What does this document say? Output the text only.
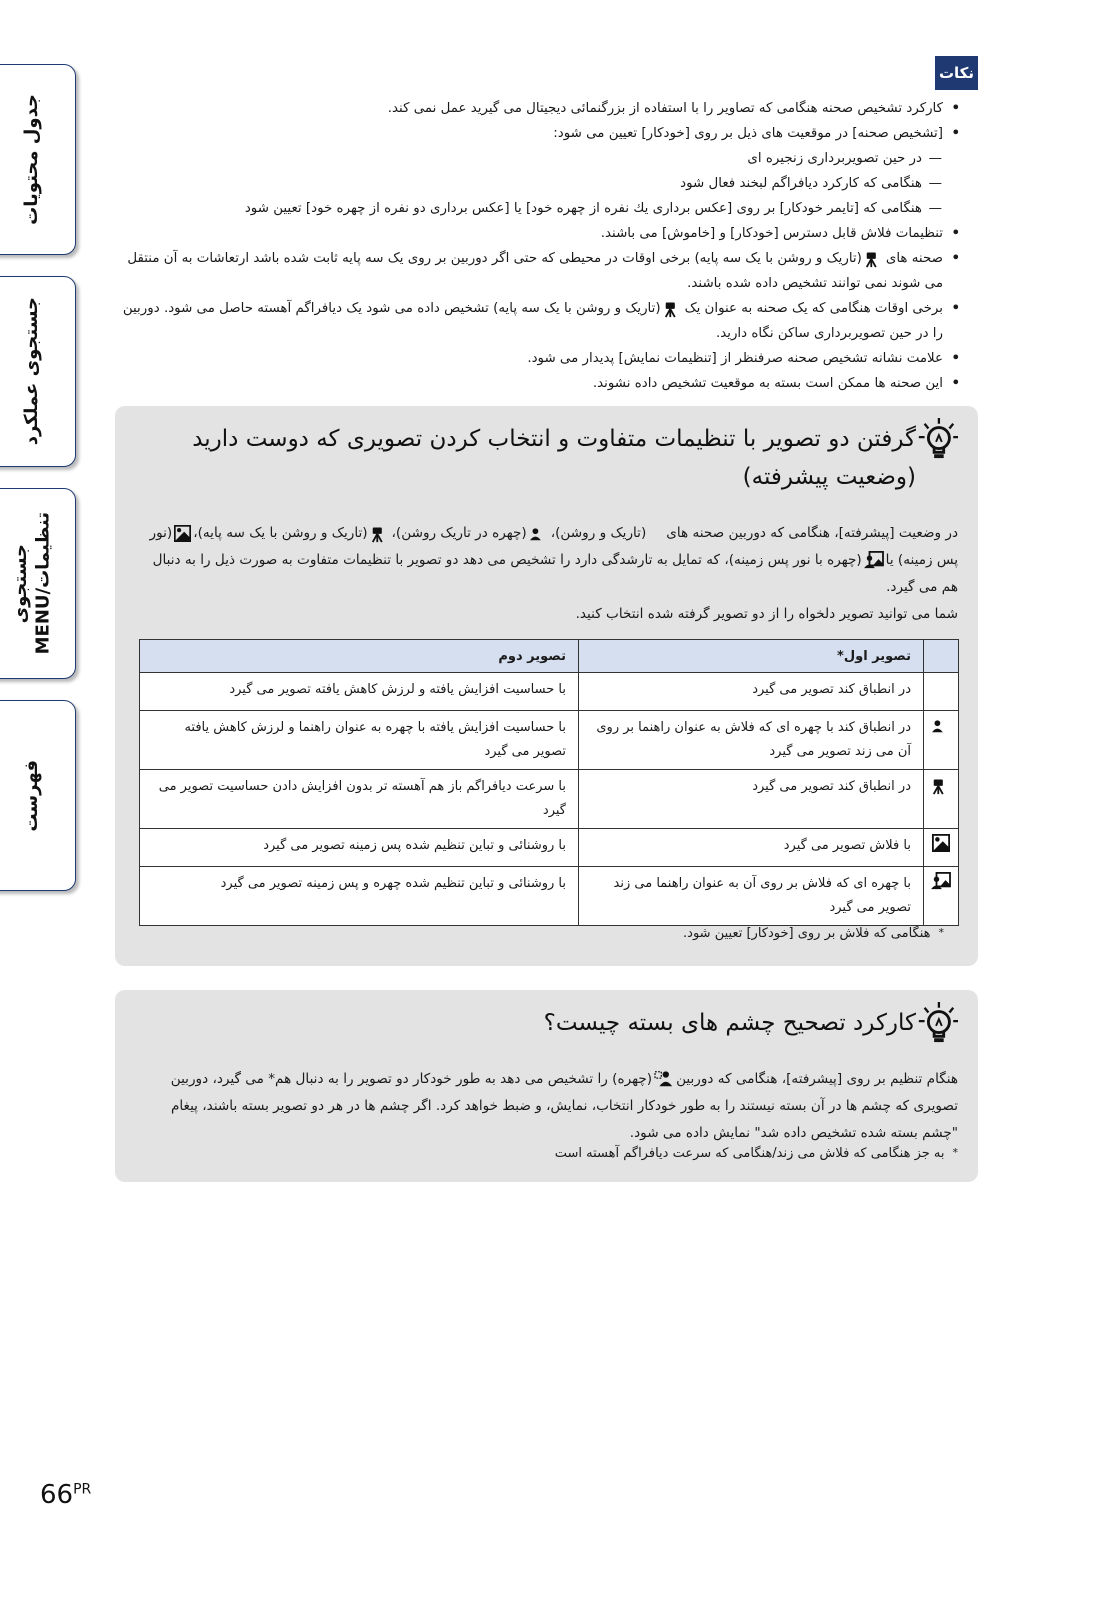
جدول محتویات
جستجوی عملکرد
جستجوی
MENU/تنظیمات
فهرست
نکات
•
کارکرد تشخیص صحنه هنگامی که تصاویر را با استفاده از بزرگنمائی دیجیتال می گیرید عمل نمی کند.
•
[تشخیص صحنه] در موقعیت های ذیل بر روی [خودکار] تعیین می شود:
—
در حین تصویربرداری زنجیره ای
—
هنگامی که کارکرد دیافراگم لبخند فعال شود
—
هنگامی که [تایمر خودکار] بر روی [عکس برداری یك نفره از چهره خود] یا [عکس برداری دو نفره از چهره خود] تعیین شود
•
تنظیمات فلاش قابل دسترس [خودکار] و [خاموش] می باشند.
•
صحنه های(تاریک و روشن با یک سه پایه) برخی اوقات در محیطی که حتی اگر دوربین بر روی یک سه پایه ثابت شده باشد ارتعاشات به آن منتقل می شوند نمی توانند تشخیص داده شده باشند.
•
برخی اوقات هنگامی که یک صحنه به عنوان یک(تاریک و روشن با یک سه پایه) تشخیص داده می شود یک دیافراگم آهسته حاصل می شود. دوربین را در حین تصویربرداری ساکن نگاه دارید.
•
علامت نشانه تشخیص صحنه صرفنظر از [تنظیمات نمایش] پدیدار می شود.
•
این صحنه ها ممکن است بسته به موقعیت تشخیص داده نشوند.
گرفتن دو تصویر با تنظیمات متفاوت و انتخاب کردن تصویری که دوست دارید (وضعیت پیشرفته)
در وضعیت [پیشرفته]، هنگامی که دوربین صحنه های(تاریک و روشن)،(چهره در تاریک روشن)،(تاریک و روشن با یک سه پایه)،(نور پس زمینه) یا(چهره با نور پس زمینه)، که تمایل به تارشدگی دارد را تشخیص می دهد دو تصویر با تنظیمات متفاوت به صورت ذیل را به دنبال هم می گیرد.
شما می توانید تصویر دلخواه را از دو تصویر گرفته شده انتخاب کنید.
	تصویر اول*	تصویر دوم
	در انطباق کند تصویر می گیرد	با حساسیت افزایش یافته و لرزش کاهش یافته تصویر می گیرد
	در انطباق کند با چهره ای که فلاش به عنوان راهنما بر روی آن می زند تصویر می گیرد	با حساسیت افزایش یافته با چهره به عنوان راهنما و لرزش کاهش یافته تصویر می گیرد
	در انطباق کند تصویر می گیرد	با سرعت دیافراگم باز هم آهسته تر بدون افزایش دادن حساسیت تصویر می گیرد
	با فلاش تصویر می گیرد	با روشنائی و تباین تنظیم شده پس زمینه تصویر می گیرد
	با چهره ای که فلاش بر روی آن به عنوان راهنما می زند تصویر می گیرد	با روشنائی و تباین تنظیم شده چهره و پس زمینه تصویر می گیرد
*هنگامی که فلاش بر روی [خودکار] تعیین شود.
کارکرد تصحیح چشم های بسته چیست؟
هنگام تنظیم بر روی [پیشرفته]، هنگامی که دوربین(چهره) را تشخیص می دهد به طور خودکار دو تصویر را به دنبال هم* می گیرد، دوربین تصویری که چشم ها در آن بسته نیستند را به طور خودکار انتخاب، نمایش، و ضبط خواهد کرد. اگر چشم ها در هر دو تصویر بسته باشند، پیغام "چشم بسته شده تشخیص داده شد" نمایش داده می شود.
*به جز هنگامی که فلاش می زند/هنگامی که سرعت دیافراگم آهسته است
$66^{PR}$
